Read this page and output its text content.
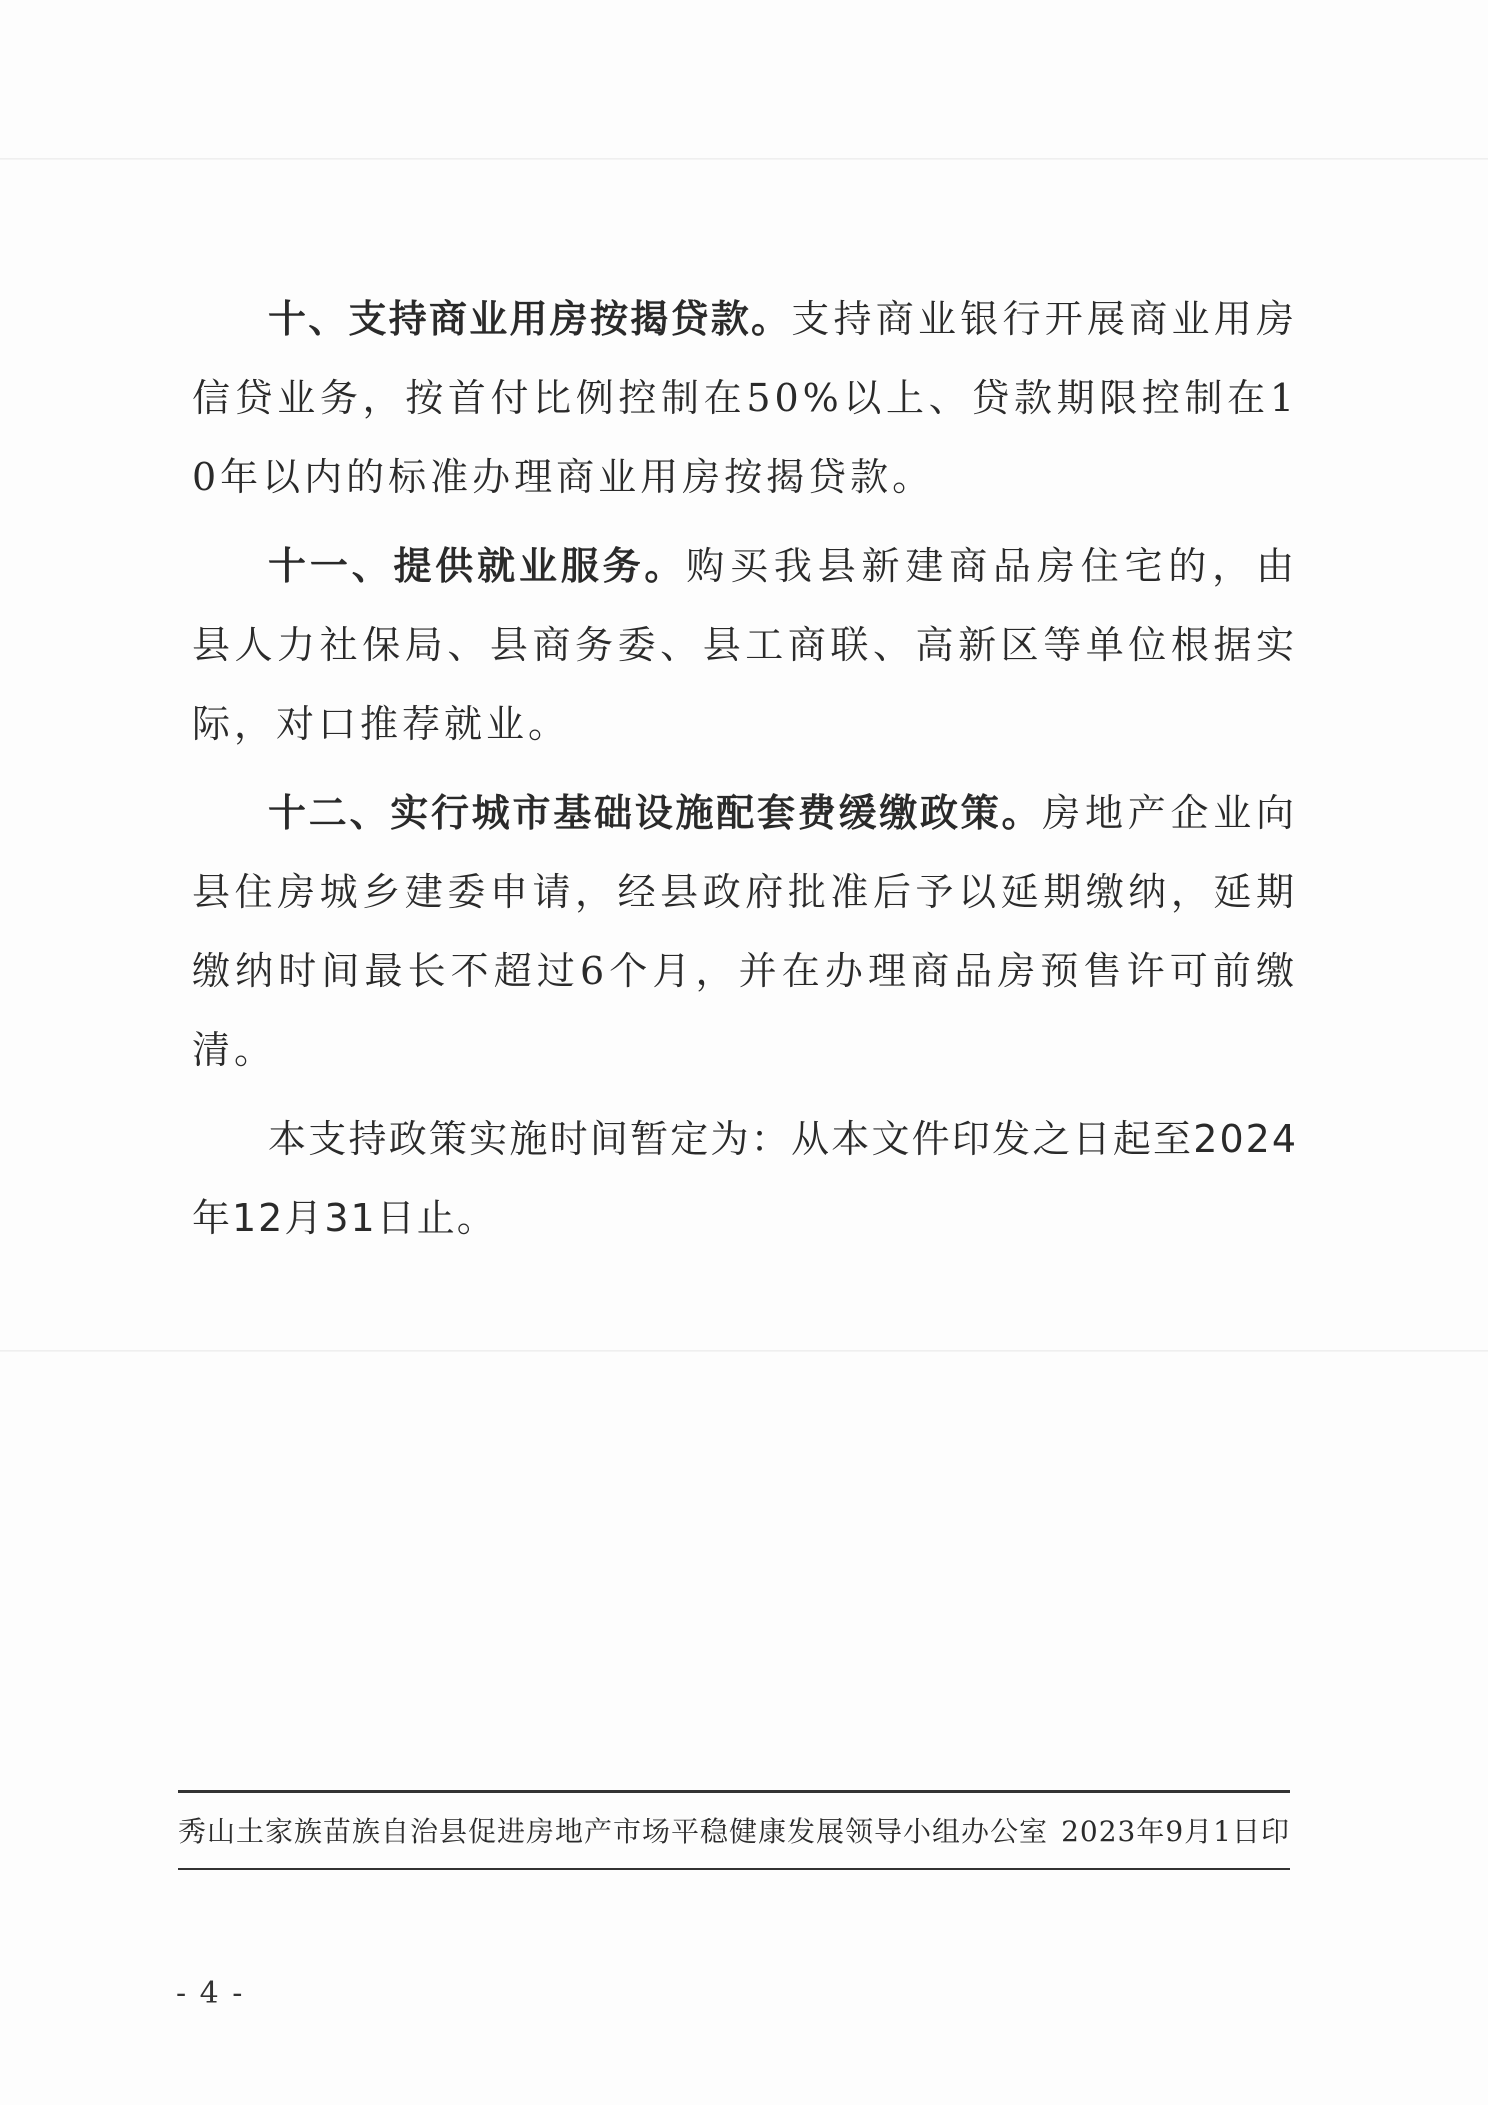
十、支持商业用房按揭贷款。支持商业银行开展商业用房信贷业务，按首付比例控制在50%以上、贷款期限控制在10年以内的标准办理商业用房按揭贷款。

十一、提供就业服务。购买我县新建商品房住宅的，由县人力社保局、县商务委、县工商联、高新区等单位根据实际，对口推荐就业。

十二、实行城市基础设施配套费缓缴政策。房地产企业向县住房城乡建委申请，经县政府批准后予以延期缴纳，延期缴纳时间最长不超过6个月，并在办理商品房预售许可前缴清。

本支持政策实施时间暂定为：从本文件印发之日起至2024年12月31日止。

秀山土家族苗族自治县促进房地产市场平稳健康发展领导小组办公室 2023年9月1日印
- 4 -
